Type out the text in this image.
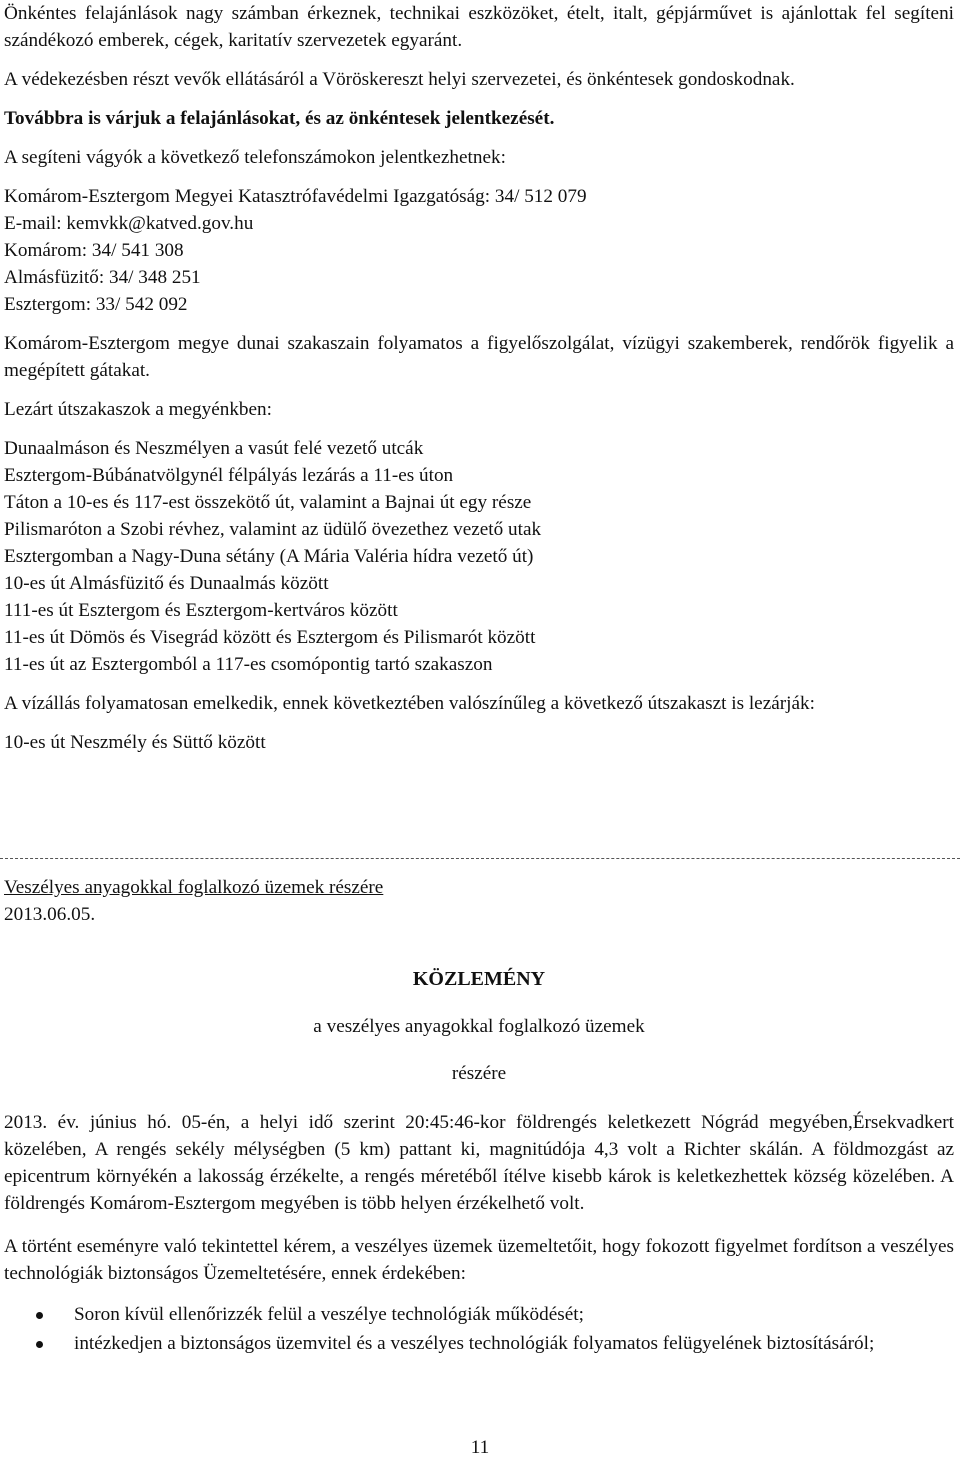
Önkéntes felajánlások nagy számban érkeznek, technikai eszközöket, ételt, italt, gépjárművet is ajánlottak fel segíteni szándékozó emberek, cégek, karitatív szervezetek egyaránt.

A védekezésben részt vevők ellátásáról a Vöröskereszt helyi szervezetei, és önkéntesek gondoskodnak.

Továbbra is várjuk a felajánlásokat, és az önkéntesek jelentkezését.

A segíteni vágyók a következő telefonszámokon jelentkezhetnek:

Komárom-Esztergom Megyei Katasztrófavédelmi Igazgatóság: 34/ 512 079
E-mail: kemvkk@katved.gov.hu
Komárom: 34/ 541 308
Almásfüzitő: 34/ 348 251
Esztergom: 33/ 542 092

Komárom-Esztergom megye dunai szakaszain folyamatos a figyelőszolgálat, vízügyi szakemberek, rendőrök figyelik a megépített gátakat.

Lezárt útszakaszok a megyénkben:

Dunaalmáson és Neszmélyen a vasút felé vezető utcák
Esztergom-Búbánatvölgynél félpályás lezárás a 11-es úton
Táton a 10-es és 117-est összekötő út, valamint a Bajnai út egy része
Pilismaróton a Szobi révhez, valamint az üdülő övezethez vezető utak
Esztergomban a Nagy-Duna sétány (A Mária Valéria hídra vezető út)
10-es út Almásfüzitő és Dunaalmás között
111-es út Esztergom és Esztergom-kertváros között
11-es út Dömös és Visegrád között és Esztergom és Pilismarót között
11-es út az Esztergomból a 117-es csomópontig tartó szakaszon

A vízállás folyamatosan emelkedik, ennek következtében valószínűleg a következő útszakaszt is lezárják:

10-es út Neszmély és Süttő között

Veszélyes anyagokkal foglalkozó üzemek részére
2013.06.05.
KÖZLEMÉNY
a veszélyes anyagokkal foglalkozó üzemek
részére

2013. év. június hó. 05-én, a helyi idő szerint 20:45:46-kor földrengés keletkezett Nógrád megyében,Érsekvadkert közelében, A rengés sekély mélységben (5 km) pattant ki, magnitúdója 4,3 volt a Richter skálán. A földmozgást az epicentrum környékén a lakosság érzékelte, a rengés méretéből ítélve kisebb károk is keletkezhettek község közelében. A földrengés Komárom-Esztergom megyében is több helyen érzékelhető volt.

A történt eseményre való tekintettel kérem, a veszélyes üzemek üzemeltetőit, hogy fokozott figyelmet fordítson a veszélyes technológiák biztonságos Üzemeltetésére, ennek érdekében:

Soron kívül ellenőrizzék felül a veszélye technológiák működését;
intézkedjen a biztonságos üzemvitel és a veszélyes technológiák folyamatos felügyelének biztosításáról;
11
